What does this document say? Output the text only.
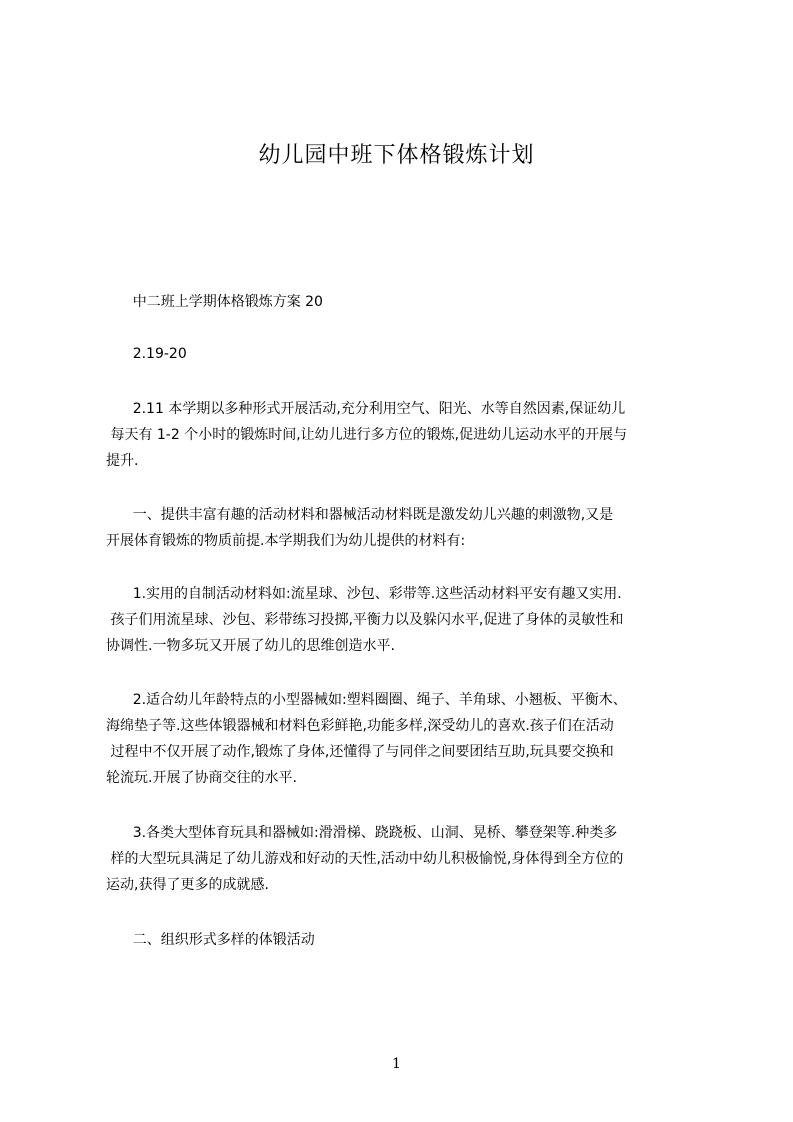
幼儿园中班下体格锻炼计划
中二班上学期体格锻炼方案 20
2.19-20
2.11 本学期以多种形式开展活动,充分利用空气、阳光、水等自然因素,保证幼儿
每天有 1-2 个小时的锻炼时间,让幼儿进行多方位的锻炼,促进幼儿运动水平的开展与
提升.
一、提供丰富有趣的活动材料和器械活动材料既是激发幼儿兴趣的刺激物,又是
开展体育锻炼的物质前提.本学期我们为幼儿提供的材料有:
1.实用的自制活动材料如:流星球、沙包、彩带等.这些活动材料平安有趣又实用.
孩子们用流星球、沙包、彩带练习投掷,平衡力以及躲闪水平,促进了身体的灵敏性和
协调性.一物多玩又开展了幼儿的思维创造水平.
2.适合幼儿年龄特点的小型器械如:塑料圈圈、绳子、羊角球、小翘板、平衡木、
海绵垫子等.这些体锻器械和材料色彩鲜艳,功能多样,深受幼儿的喜欢.孩子们在活动
过程中不仅开展了动作,锻炼了身体,还懂得了与同伴之间要团结互助,玩具要交换和
轮流玩.开展了协商交往的水平.
3.各类大型体育玩具和器械如:滑滑梯、跷跷板、山洞、晃桥、攀登架等.种类多
样的大型玩具满足了幼儿游戏和好动的天性,活动中幼儿积极愉悦,身体得到全方位的
运动,获得了更多的成就感.
二、组织形式多样的体锻活动
1
